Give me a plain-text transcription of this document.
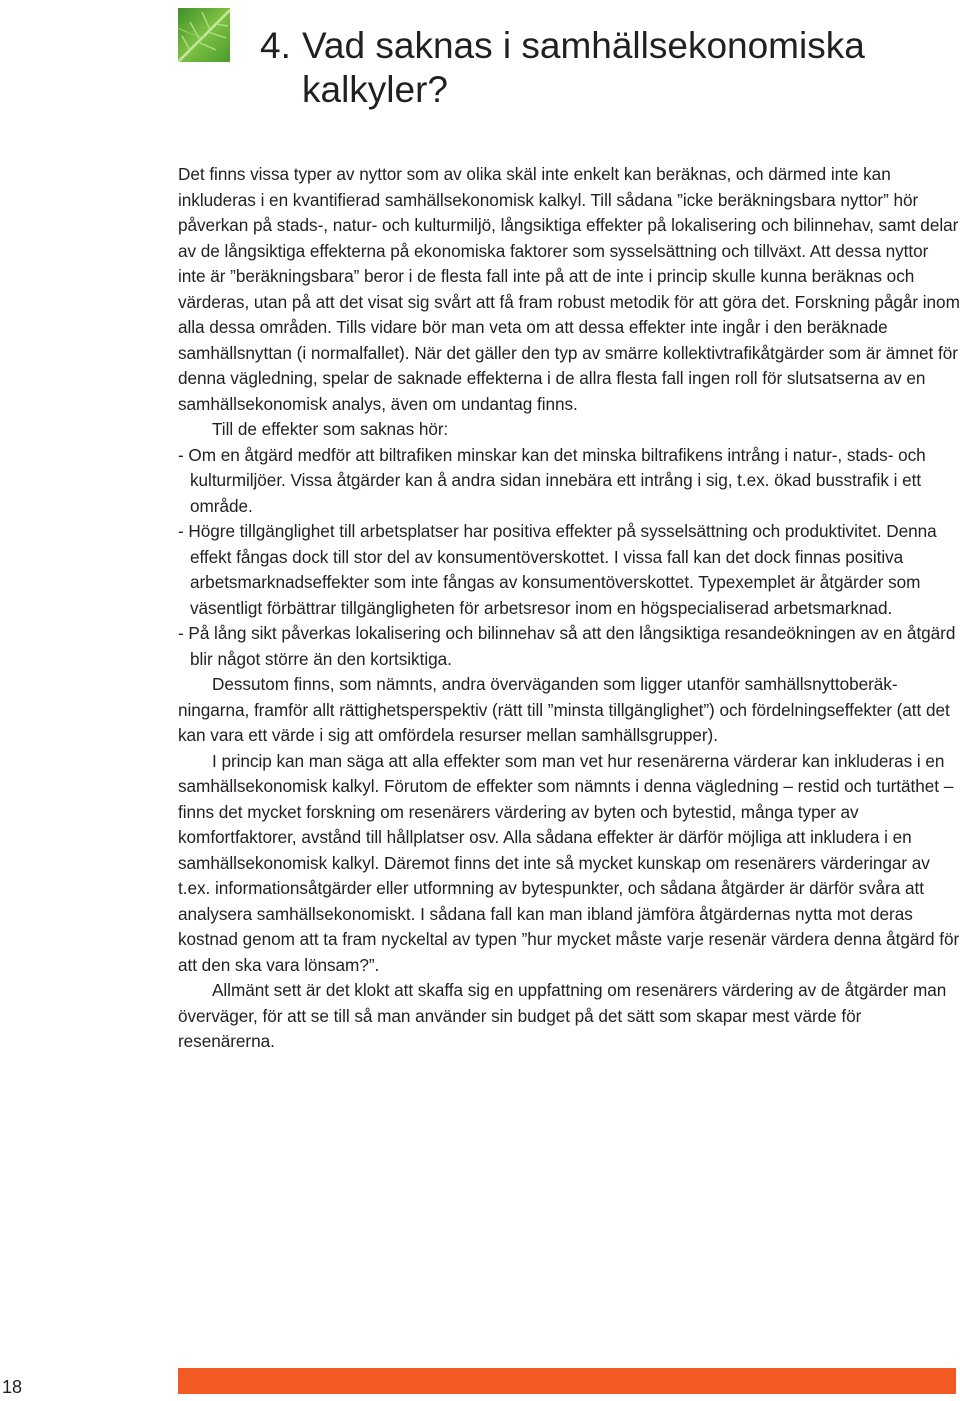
4. Vad saknas i samhällsekonomiska
kalkyler?

Det finns vissa typer av nyttor som av olika skäl inte enkelt kan beräknas, och därmed inte kan inkluderas i en kvantifierad samhällsekonomisk kalkyl. Till sådana ”icke beräkningsbara nyttor” hör påverkan på stads-, natur- och kulturmiljö, långsiktiga effekter på lokalisering och bilinnehav, samt delar av de långsiktiga effekterna på ekonomiska faktorer som sysselsättning och tillväxt. Att dessa nyttor inte är ”beräkningsbara” beror i de flesta fall inte på att de inte i princip skulle kunna beräknas och värderas, utan på att det visat sig svårt att få fram robust metodik för att göra det. Forskning pågår inom alla dessa områden. Tills vidare bör man veta om att dessa effekter inte ingår i den beräknade samhällsnyttan (i normalfallet). När det gäller den typ av smärre kollektivtrafikåtgärder som är ämnet för denna vägledning, spelar de saknade effekterna i de allra flesta fall ingen roll för slutsatserna av en samhällsekonomisk analys, även om undantag finns.

Till de effekter som saknas hör:

- Om en åtgärd medför att biltrafiken minskar kan det minska biltrafikens intrång i natur-, stads- och kulturmiljöer. Vissa åtgärder kan å andra sidan innebära ett intrång i sig, t.ex. ökad busstrafik i ett område.

- Högre tillgänglighet till arbetsplatser har positiva effekter på sysselsättning och produktivitet. Denna effekt fångas dock till stor del av konsumentöverskottet. I vissa fall kan det dock finnas positiva arbetsmarknadseffekter som inte fångas av konsumentöverskottet. Typexemplet är åtgärder som väsentligt förbättrar tillgängligheten för arbetsresor inom en högspecialiserad arbetsmarknad.

- På lång sikt påverkas lokalisering och bilinnehav så att den långsiktiga resandeökningen av en åtgärd blir något större än den kortsiktiga.

Dessutom finns, som nämnts, andra överväganden som ligger utanför samhällsnyttoberäkningarna, framför allt rättighetsperspektiv (rätt till ”minsta tillgänglighet”) och fördelningseffekter (att det kan vara ett värde i sig att omfördela resurser mellan samhällsgrupper).

I princip kan man säga att alla effekter som man vet hur resenärerna värderar kan inkluderas i en samhällsekonomisk kalkyl. Förutom de effekter som nämnts i denna vägledning – restid och turtäthet – finns det mycket forskning om resenärers värdering av byten och bytestid, många typer av komfortfaktorer, avstånd till hållplatser osv. Alla sådana effekter är därför möjliga att inkludera i en samhällsekonomisk kalkyl. Däremot finns det inte så mycket kunskap om resenärers värderingar av t.ex. informationsåtgärder eller utformning av bytespunkter, och sådana åtgärder är därför svåra att analysera samhällsekonomiskt. I sådana fall kan man ibland jämföra åtgärdernas nytta mot deras kostnad genom att ta fram nyckeltal av typen ”hur mycket måste varje resenär värdera denna åtgärd för att den ska vara lönsam?”.

Allmänt sett är det klokt att skaffa sig en uppfattning om resenärers värdering av de åtgärder man överväger, för att se till så man använder sin budget på det sätt som skapar mest värde för resenärerna.

18
